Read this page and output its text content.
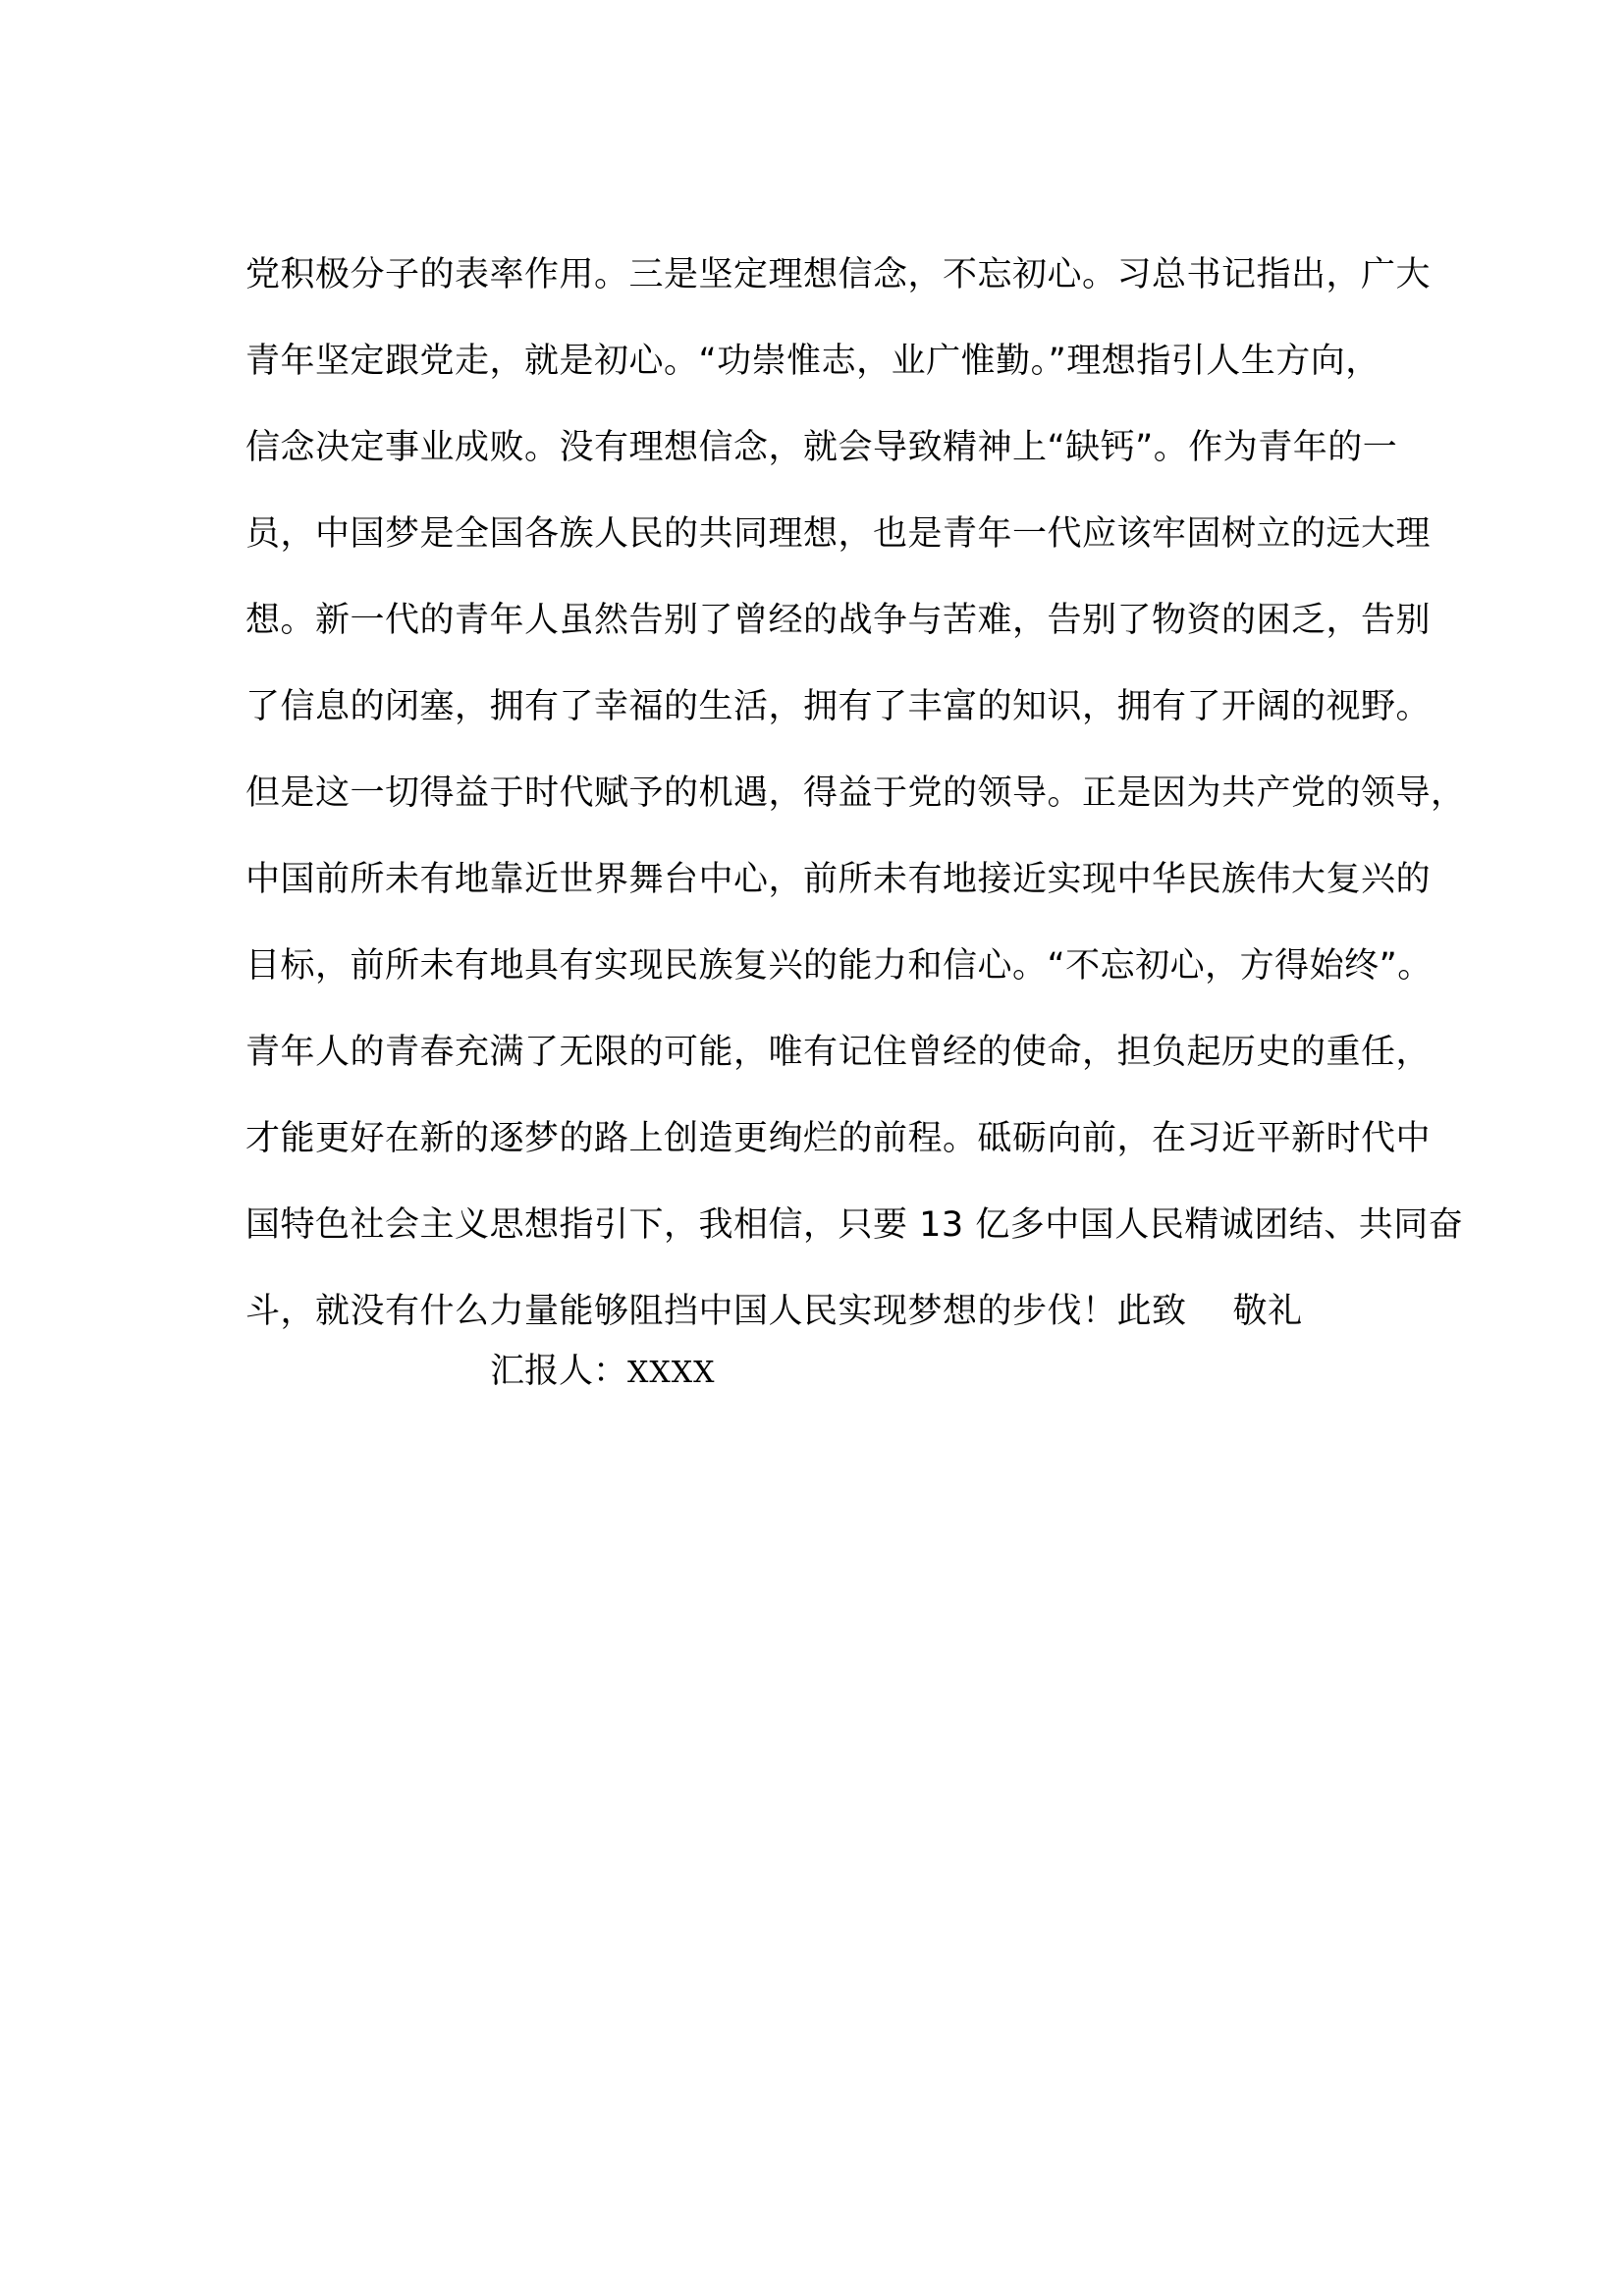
党积极分子的表率作用。三是坚定理想信念，不忘初心。习总书记指出，广大
青年坚定跟党走，就是初心。“功崇惟志，业广惟勤。”理想指引人生方向，
信念决定事业成败。没有理想信念，就会导致精神上“缺钙”。作为青年的一
员，中国梦是全国各族人民的共同理想，也是青年一代应该牢固树立的远大理
想。新一代的青年人虽然告别了曾经的战争与苦难，告别了物资的困乏，告别
了信息的闭塞，拥有了幸福的生活，拥有了丰富的知识，拥有了开阔的视野。
但是这一切得益于时代赋予的机遇，得益于党的领导。正是因为共产党的领导，
中国前所未有地靠近世界舞台中心，前所未有地接近实现中华民族伟大复兴的
目标，前所未有地具有实现民族复兴的能力和信心。“不忘初心，方得始终”。
青年人的青春充满了无限的可能，唯有记住曾经的使命，担负起历史的重任，
才能更好在新的逐梦的路上创造更绚烂的前程。砥砺向前，在习近平新时代中
国特色社会主义思想指引下，我相信，只要 13 亿多中国人民精诚团结、共同奋
斗，就没有什么力量能够阻挡中国人民实现梦想的步伐！此致　 敬礼
汇报人：XXXX
